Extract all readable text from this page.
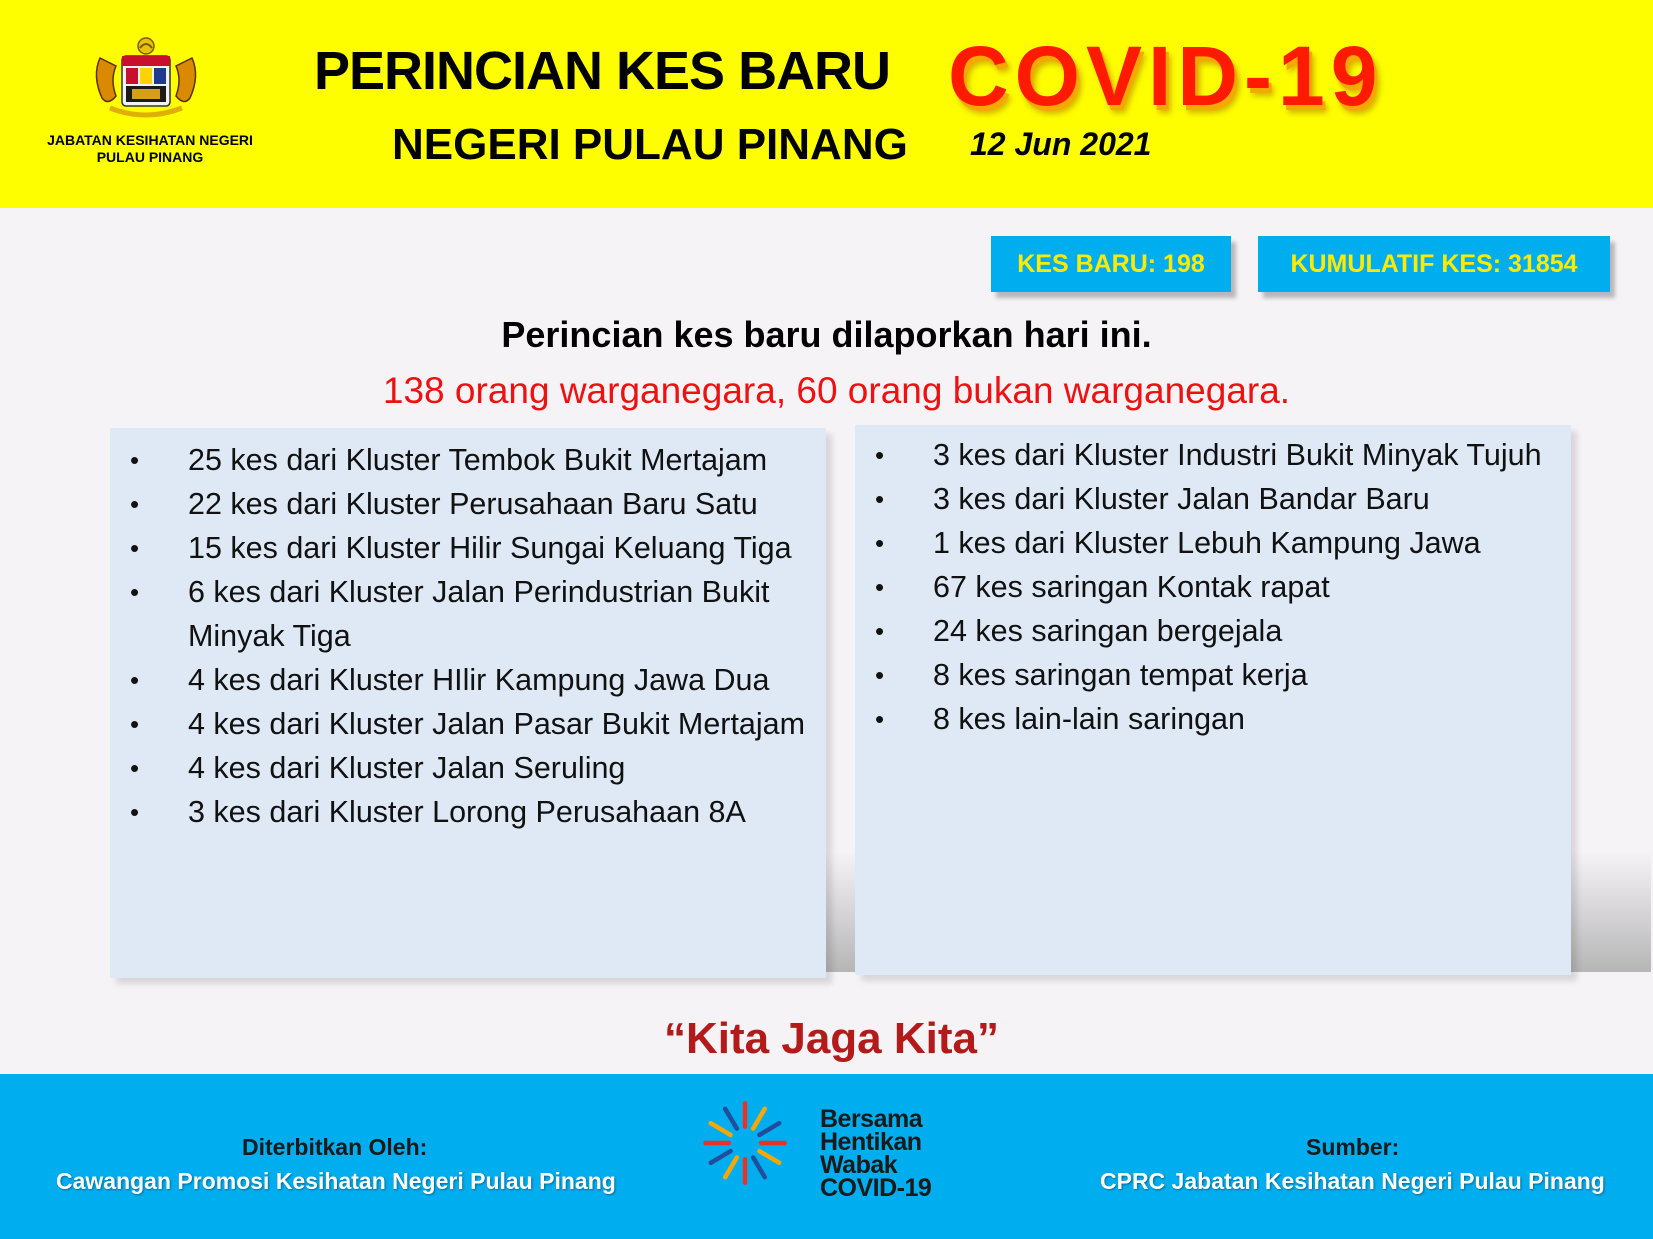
JABATAN KESIHATAN NEGERI
PULAU PINANG
PERINCIAN KES BARU
NEGERI PULAU PINANG
COVID-19
12 Jun 2021
KES BARU: 198	KUMULATIF KES: 31854
Perincian kes baru dilaporkan hari ini.
138 orang warganegara, 60 orang bukan warganegara.
• 25 kes dari Kluster Tembok Bukit Mertajam
• 22 kes dari Kluster Perusahaan Baru Satu
• 15 kes dari Kluster Hilir Sungai Keluang Tiga
• 6 kes dari Kluster Jalan Perindustrian Bukit Minyak Tiga
• 4 kes dari Kluster HIlir Kampung Jawa Dua
• 4 kes dari Kluster Jalan Pasar Bukit Mertajam
• 4 kes dari Kluster Jalan Seruling
• 3 kes dari Kluster Lorong Perusahaan 8A
• 3 kes dari Kluster Industri Bukit Minyak Tujuh
• 3 kes dari Kluster Jalan Bandar Baru
• 1 kes dari Kluster Lebuh Kampung Jawa
• 67 kes saringan Kontak rapat
• 24 kes saringan bergejala
• 8 kes saringan tempat kerja
• 8 kes lain-lain saringan
“Kita Jaga Kita”
Diterbitkan Oleh:
Cawangan Promosi Kesihatan Negeri Pulau Pinang
Bersama
Hentikan
Wabak
COVID-19
Sumber:
CPRC Jabatan Kesihatan Negeri Pulau Pinang
